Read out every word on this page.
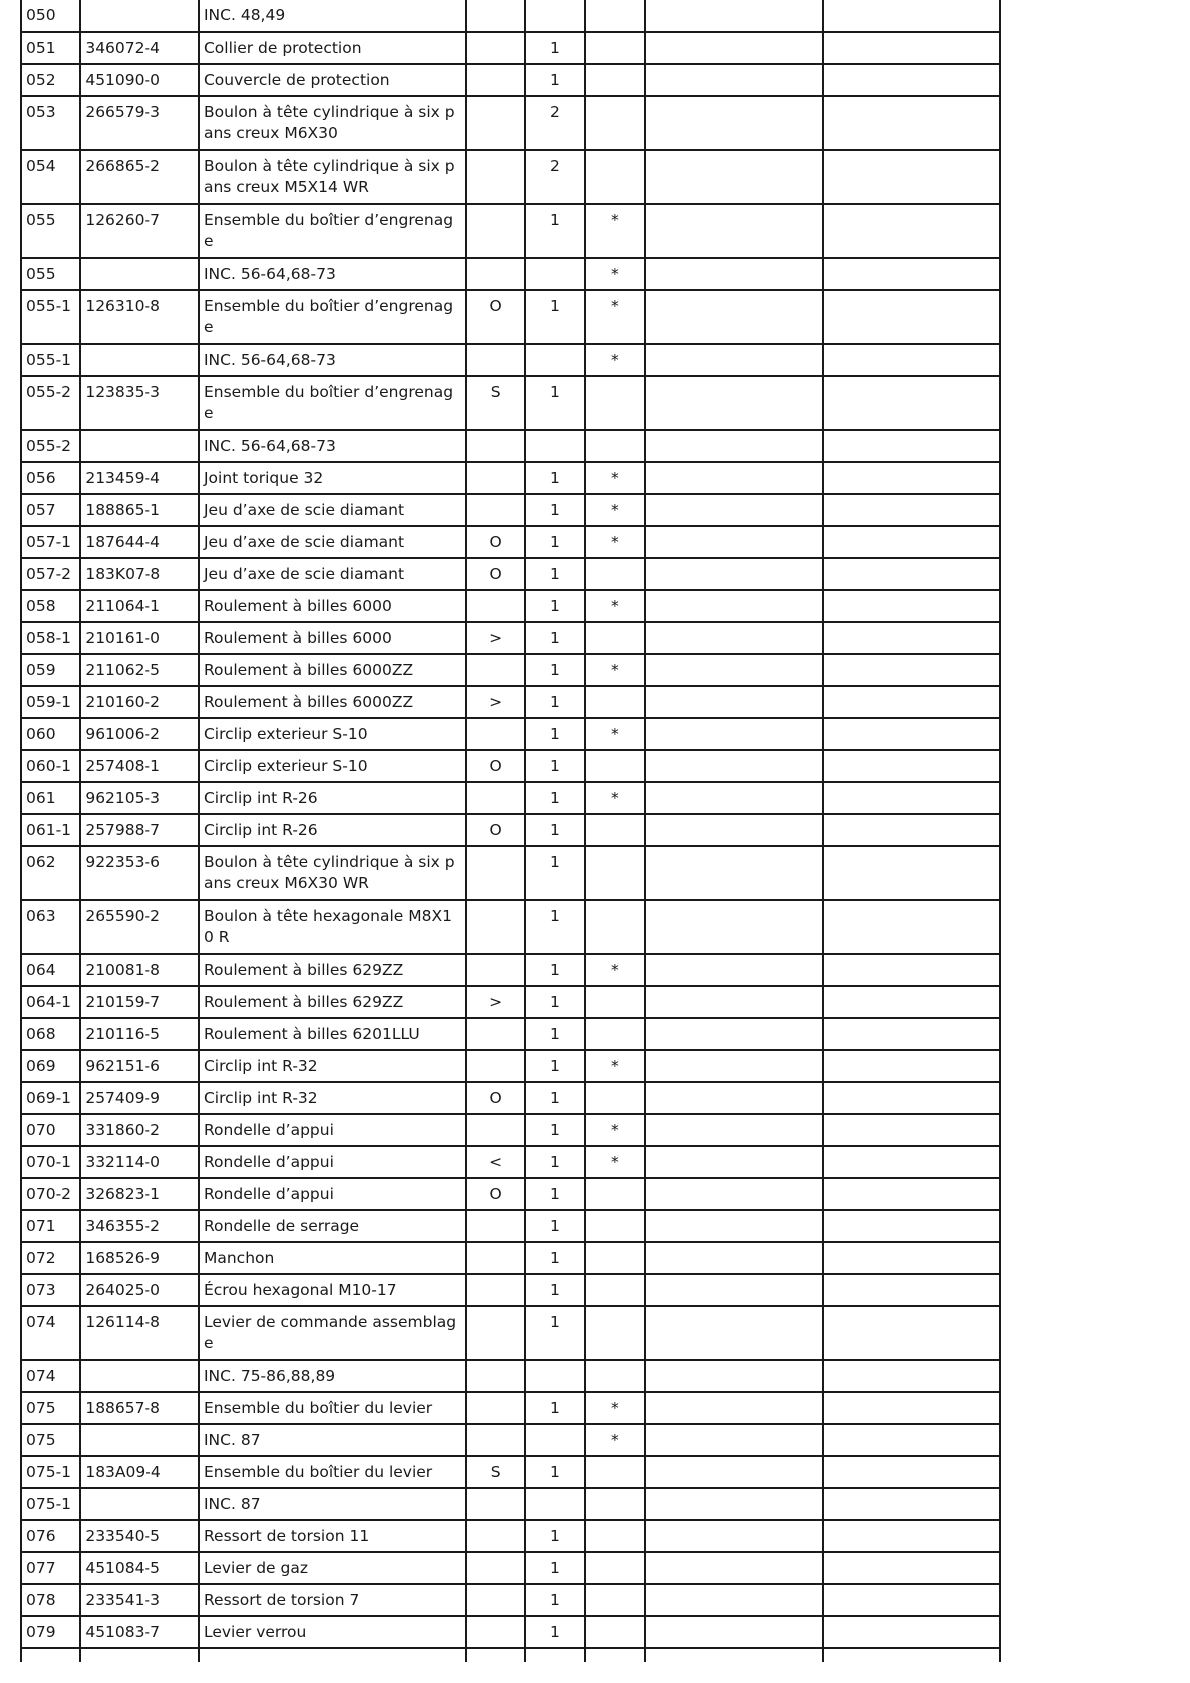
050		INC. 48,49					
051	346072-4	Collier de protection		1			
052	451090-0	Couvercle de protection		1			
053	266579-3	Boulon à tête cylindrique à six pans creux M6X30		2			
054	266865-2	Boulon à tête cylindrique à six pans creux M5X14 WR		2			
055	126260-7	Ensemble du boîtier d’engrenage		1	*		
055		INC. 56-64,68-73			*		
055-1	126310-8	Ensemble du boîtier d’engrenage	O	1	*		
055-1		INC. 56-64,68-73			*		
055-2	123835-3	Ensemble du boîtier d’engrenage	S	1			
055-2		INC. 56-64,68-73					
056	213459-4	Joint torique 32		1	*		
057	188865-1	Jeu d’axe de scie diamant		1	*		
057-1	187644-4	Jeu d’axe de scie diamant	O	1	*		
057-2	183K07-8	Jeu d’axe de scie diamant	O	1			
058	211064-1	Roulement à billes 6000		1	*		
058-1	210161-0	Roulement à billes 6000	>	1			
059	211062-5	Roulement à billes 6000ZZ		1	*		
059-1	210160-2	Roulement à billes 6000ZZ	>	1			
060	961006-2	Circlip exterieur S-10		1	*		
060-1	257408-1	Circlip exterieur S-10	O	1			
061	962105-3	Circlip int R-26		1	*		
061-1	257988-7	Circlip int R-26	O	1			
062	922353-6	Boulon à tête cylindrique à six pans creux M6X30 WR		1			
063	265590-2	Boulon à tête hexagonale M8X10 R		1			
064	210081-8	Roulement à billes 629ZZ		1	*		
064-1	210159-7	Roulement à billes 629ZZ	>	1			
068	210116-5	Roulement à billes 6201LLU		1			
069	962151-6	Circlip int R-32		1	*		
069-1	257409-9	Circlip int R-32	O	1			
070	331860-2	Rondelle d’appui		1	*		
070-1	332114-0	Rondelle d’appui	<	1	*		
070-2	326823-1	Rondelle d’appui	O	1			
071	346355-2	Rondelle de serrage		1			
072	168526-9	Manchon		1			
073	264025-0	Écrou hexagonal M10-17		1			
074	126114-8	Levier de commande assemblage		1			
074		INC. 75-86,88,89					
075	188657-8	Ensemble du boîtier du levier		1	*		
075		INC. 87			*		
075-1	183A09-4	Ensemble du boîtier du levier	S	1			
075-1		INC. 87					
076	233540-5	Ressort de torsion 11		1			
077	451084-5	Levier de gaz		1			
078	233541-3	Ressort de torsion 7		1			
079	451083-7	Levier verrou		1			
